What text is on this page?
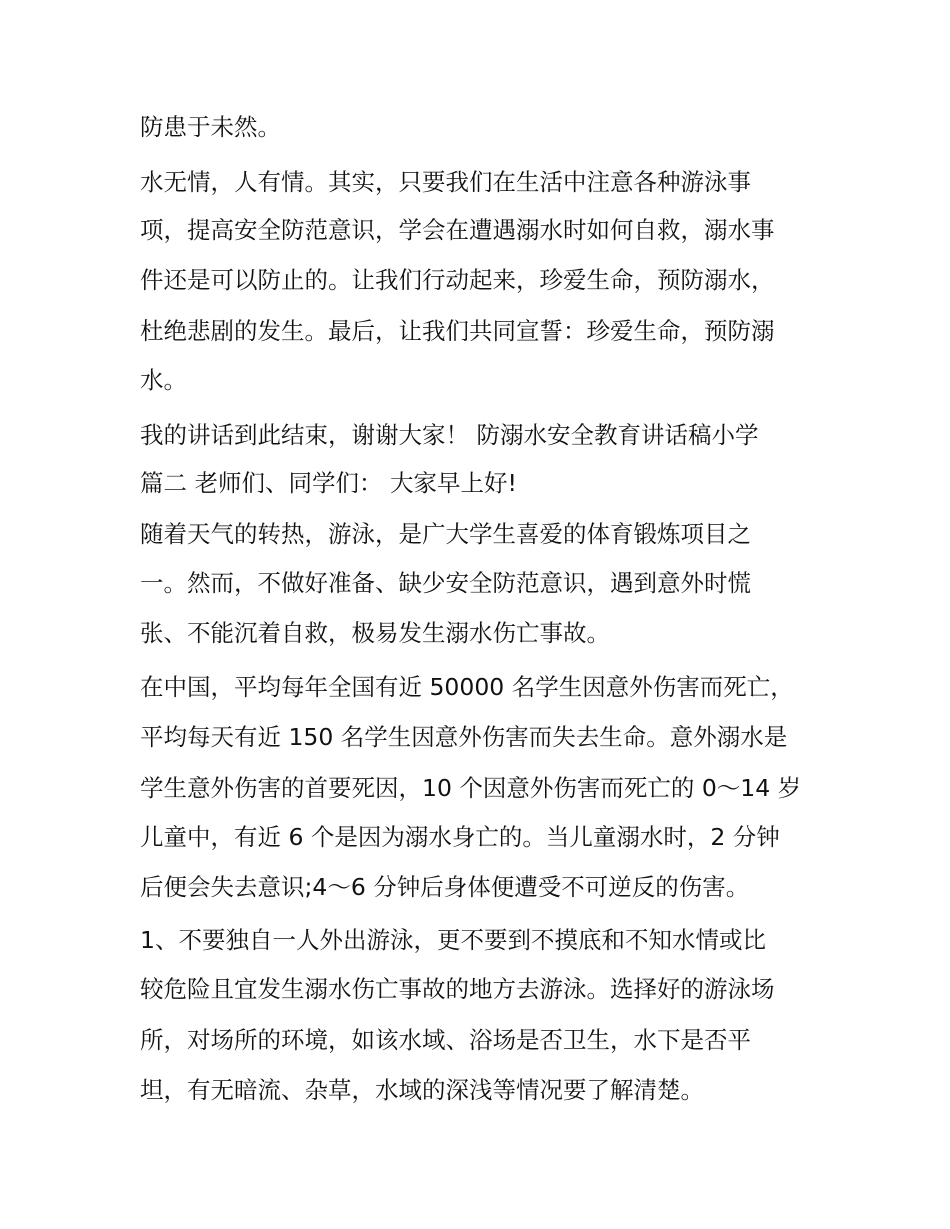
防患于未然。
水无情，人有情。其实，只要我们在生活中注意各种游泳事
项，提高安全防范意识，学会在遭遇溺水时如何自救，溺水事
件还是可以防止的。让我们行动起来，珍爱生命，预防溺水，
杜绝悲剧的发生。最后，让我们共同宣誓：珍爱生命，预防溺
水。
我的讲话到此结束，谢谢大家！ 防溺水安全教育讲话稿小学
篇二 老师们、同学们： 大家早上好!
随着天气的转热，游泳，是广大学生喜爱的体育锻炼项目之
一。然而，不做好准备、缺少安全防范意识，遇到意外时慌
张、不能沉着自救，极易发生溺水伤亡事故。
在中国，平均每年全国有近 50000 名学生因意外伤害而死亡，
平均每天有近 150 名学生因意外伤害而失去生命。意外溺水是
学生意外伤害的首要死因，10 个因意外伤害而死亡的 0～14 岁
儿童中，有近 6 个是因为溺水身亡的。当儿童溺水时，2 分钟
后便会失去意识;4～6 分钟后身体便遭受不可逆反的伤害。
1、不要独自一人外出游泳，更不要到不摸底和不知水情或比
较危险且宜发生溺水伤亡事故的地方去游泳。选择好的游泳场
所，对场所的环境，如该水域、浴场是否卫生，水下是否平
坦，有无暗流、杂草，水域的深浅等情况要了解清楚。
